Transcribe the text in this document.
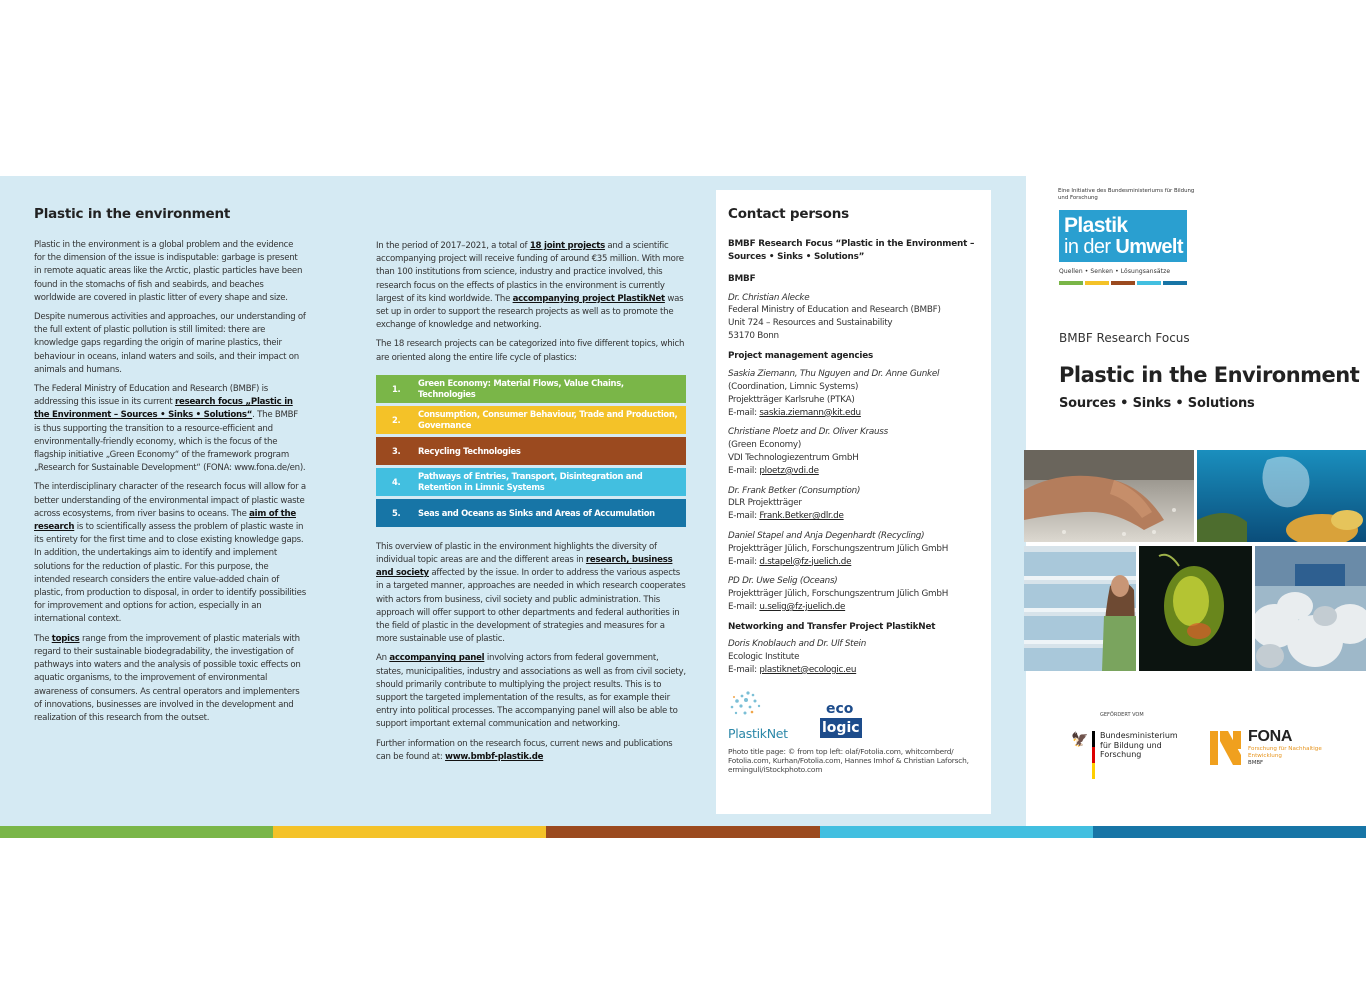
Plastic in the environment

Plastic in the environment is a global problem and the evidence for the dimension of the issue is indisputable: garbage is present in remote aquatic areas like the Arctic, plastic particles have been found in the stomachs of fish and seabirds, and beaches worldwide are covered in plastic litter of every shape and size.

Despite numerous activities and approaches, our understanding of the full extent of plastic pollution is still limited: there are knowledge gaps regarding the origin of marine plastics, their behaviour in oceans, inland waters and soils, and their impact on animals and humans.

The Federal Ministry of Education and Research (BMBF) is addressing this issue in its current research focus „Plastic in the Environment – Sources • Sinks • Solutions“. The BMBF is thus supporting the transition to a resource-efficient and environmentally-friendly economy, which is the focus of the flagship initiative „Green Economy“ of the framework program „Research for Sustainable Development“ (FONA: www.fona.de/en).

The interdisciplinary character of the research focus will allow for a better understanding of the environmental impact of plastic waste across ecosystems, from river basins to oceans. The aim of the research is to scientifically assess the problem of plastic waste in its entirety for the first time and to close existing knowledge gaps. In addition, the undertakings aim to identify and implement solutions for the reduction of plastic. For this purpose, the intended research considers the entire value-added chain of plastic, from production to disposal, in order to identify possibilities for improvement and options for action, especially in an international context.

The topics range from the improvement of plastic materials with regard to their sustainable biodegradability, the investigation of pathways into waters and the analysis of possible toxic effects on aquatic organisms, to the improvement of environmental awareness of consumers. As central operators and implementers of innovations, businesses are involved in the development and realization of this research from the outset.

In the period of 2017–2021, a total of 18 joint projects and a scientific accompanying project will receive funding of around €35 million. With more than 100 institutions from science, industry and practice involved, this research focus on the effects of plastics in the environment is currently largest of its kind worldwide. The accompanying project PlastikNet was set up in order to support the research projects as well as to promote the exchange of knowledge and networking.

The 18 research projects can be categorized into five different topics, which are oriented along the entire life cycle of plastics:

1.
Green Economy: Material Flows, Value Chains, Technologies
2.
Consumption, Consumer Behaviour, Trade and Production, Governance
3.	Recycling Technologies
4.
Pathways of Entries, Transport, Disintegration and Retention in Limnic Systems
5.	Seas and Oceans as Sinks and Areas of Accumulation

This overview of plastic in the environment highlights the diversity of individual topic areas are and the different areas in research, business and society affected by the issue. In order to address the various aspects in a targeted manner, approaches are needed in which research cooperates with actors from business, civil society and public administration. This approach will offer support to other departments and federal authorities in the field of plastic in the development of strategies and measures for a more sustainable use of plastic.

An accompanying panel involving actors from federal government, states, municipalities, industry and associations as well as from civil society, should primarily contribute to multiplying the project results. This is to support the targeted implementation of the results, as for example their entry into political processes. The accompanying panel will also be able to support important external communication and networking.

Further information on the research focus, current news and publications can be found at: www.bmbf-plastik.de

Contact persons
BMBF Research Focus “Plastic in the Environment – Sources • Sinks • Solutions”
BMBF
Dr. Christian Alecke
Federal Ministry of Education and Research (BMBF)
Unit 724 – Resources and Sustainability
53170 Bonn
Project management agencies
Saskia Ziemann, Thu Nguyen and Dr. Anne Gunkel
(Coordination, Limnic Systems)
Projektträger Karlsruhe (PTKA)
E-mail: saskia.ziemann@kit.edu
Christiane Ploetz and Dr. Oliver Krauss
(Green Economy)
VDI Technologiezentrum GmbH
E-mail: ploetz@vdi.de
Dr. Frank Betker (Consumption)
DLR Projektträger
E-mail: Frank.Betker@dlr.de
Daniel Stapel and Anja Degenhardt (Recycling)
Projektträger Jülich, Forschungszentrum Jülich GmbH
E-mail: d.stapel@fz-juelich.de
PD Dr. Uwe Selig (Oceans)
Projektträger Jülich, Forschungszentrum Jülich GmbH
E-mail: u.selig@fz-juelich.de
Networking and Transfer Project PlastikNet
Doris Knoblauch and Dr. Ulf Stein
Ecologic Institute
E-mail: plastiknet@ecologic.eu
PlastikNet
eco
logic
Photo title page: © from top left: olaf/Fotolia.com, whitcomberd/ Fotolia.com, Kurhan/Fotolia.com, Hannes Imhof & Christian Laforsch, erminguli/iStockphoto.com
Eine Initiative des Bundesministeriums für Bildung und Forschung
Plastik
in der Umwelt
Quellen • Senken • Lösungsansätze
BMBF Research Focus
Plastic in the Environment
Sources • Sinks • Solutions
GEFÖRDERT VOM
🦅 Bundesministerium für Bildung und Forschung
FONA
Forschung für Nachhaltige Entwicklung
BMBF
